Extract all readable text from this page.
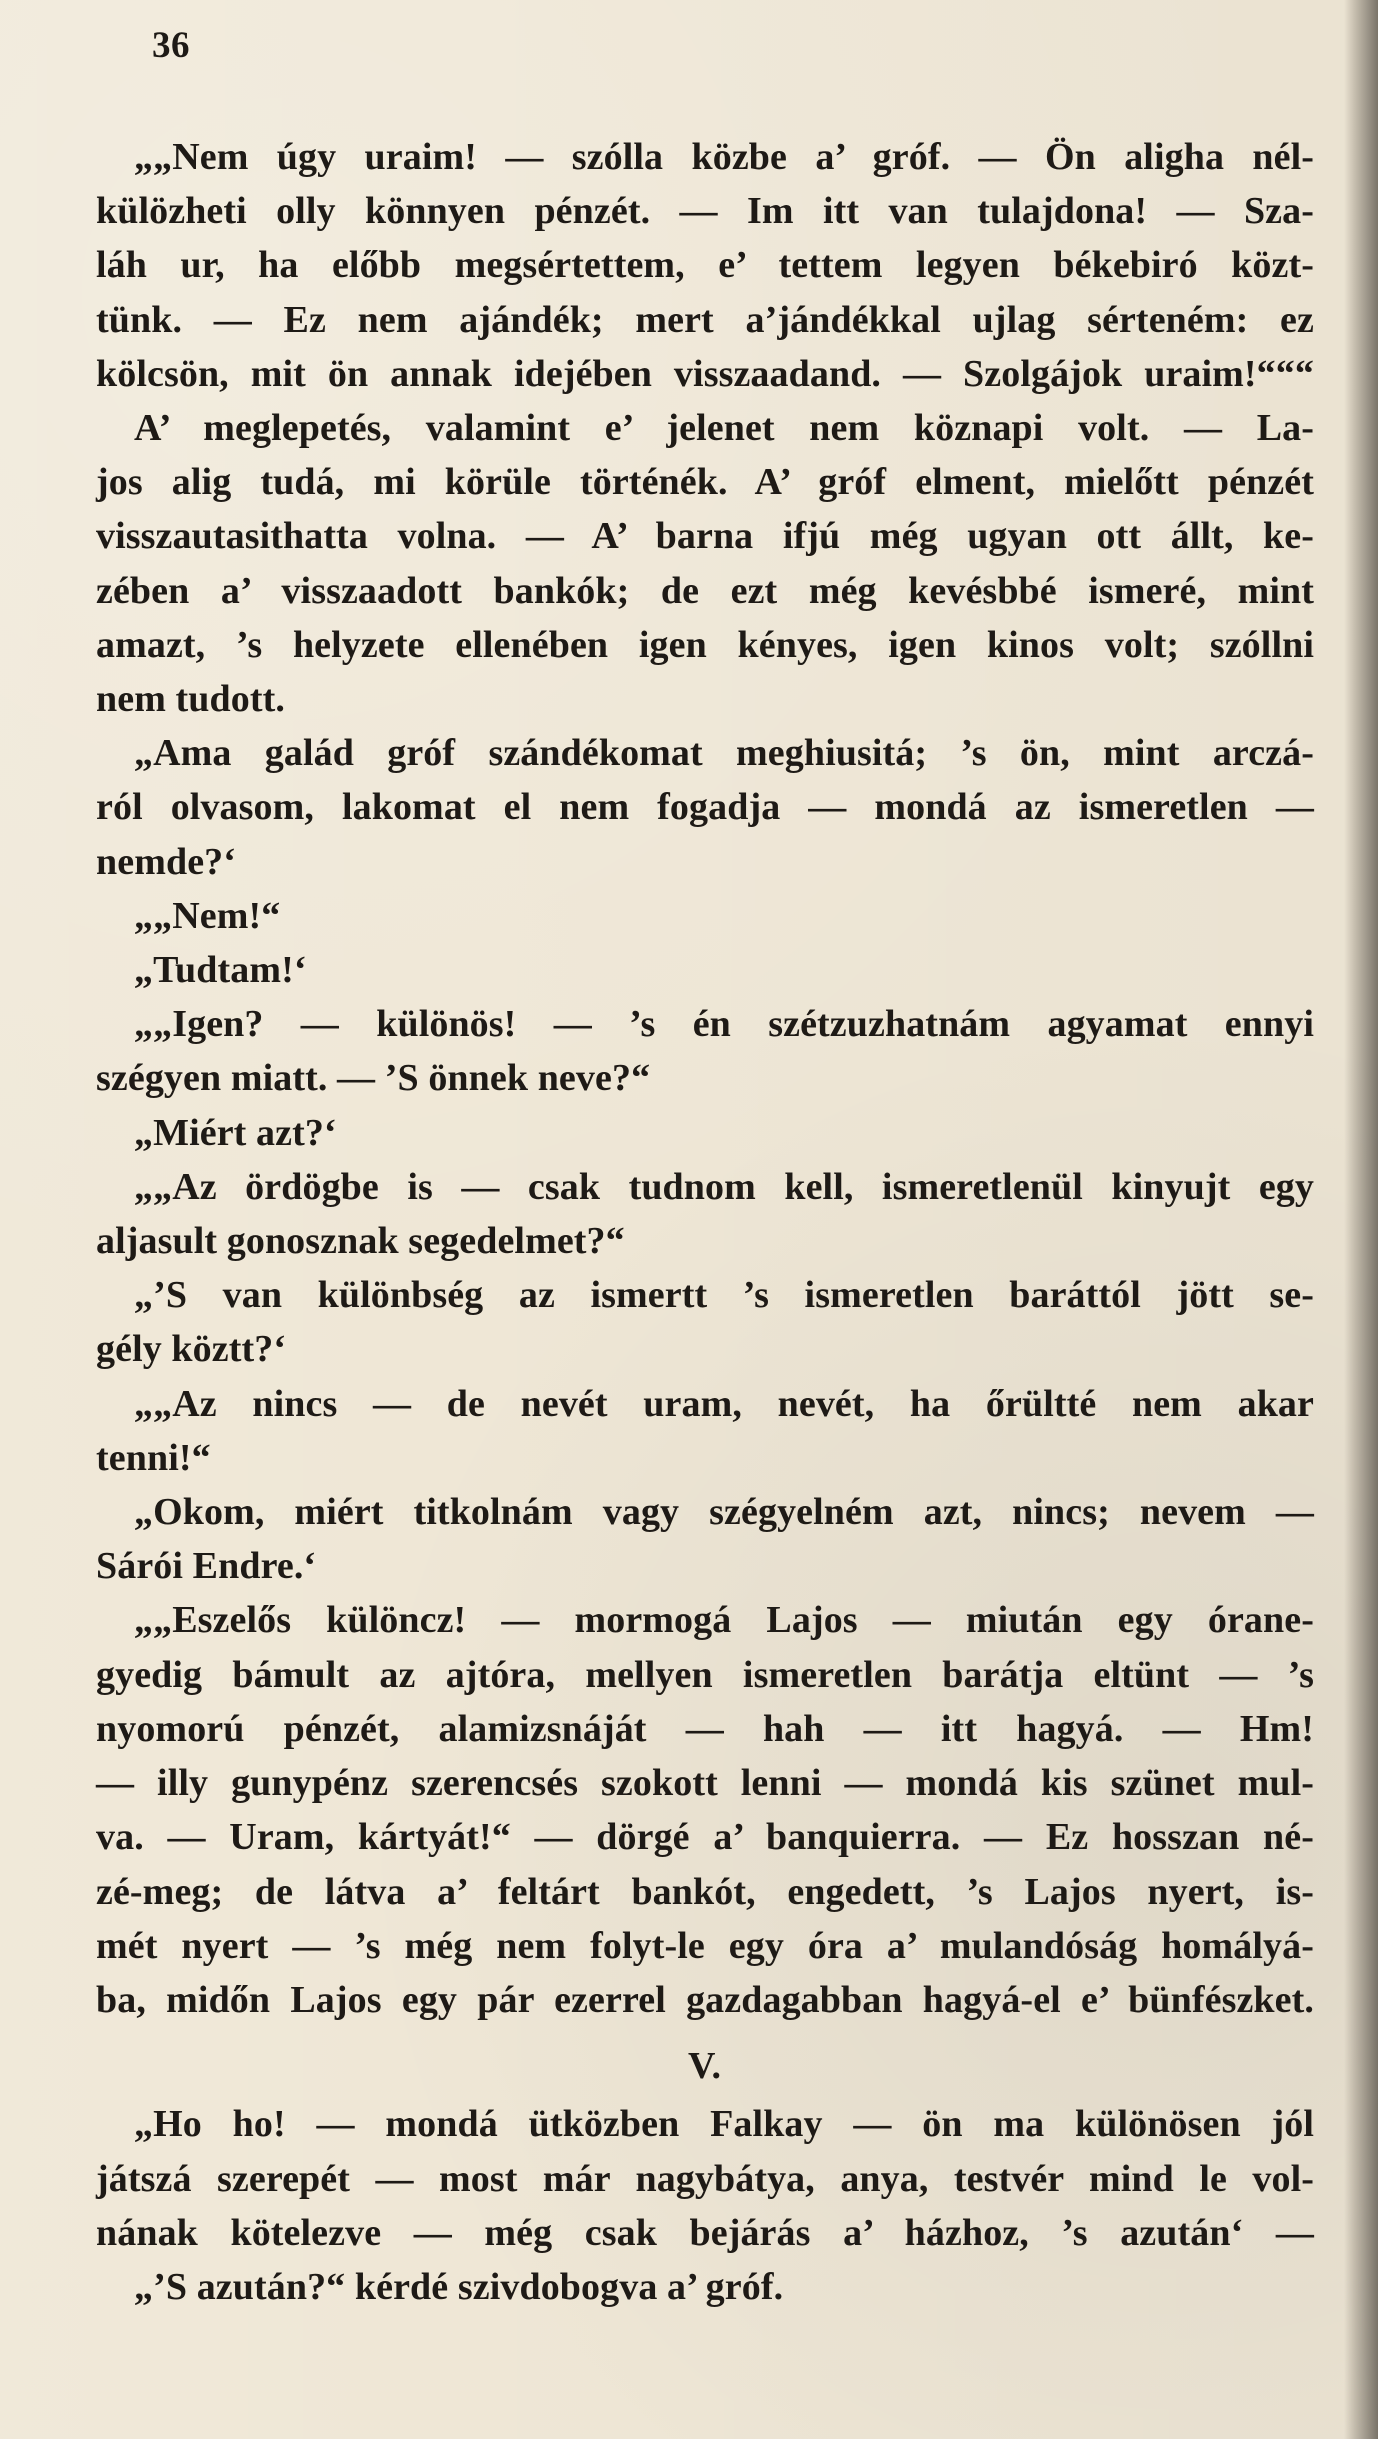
36
„„Nem úgy uraim! — szólla közbe a’ gróf. — Ön aligha nél-
külözheti olly könnyen pénzét. — Im itt van tulajdona! — Sza-
láh ur, ha előbb megsértettem, e’ tettem legyen békebiró közt-
tünk. — Ez nem ajándék; mert a’jándékkal ujlag sérteném: ez
kölcsön, mit ön annak idejében visszaadand. — Szolgájok uraim!“““
A’ meglepetés, valamint e’ jelenet nem köznapi volt. — La-
jos alig tudá, mi körüle történék. A’ gróf elment, mielőtt pénzét
visszautasithatta volna. — A’ barna ifjú még ugyan ott állt, ke-
zében a’ visszaadott bankók; de ezt még kevésbbé ismeré, mint
amazt, ’s helyzete ellenében igen kényes, igen kinos volt; szóllni
nem tudott.
„Ama galád gróf szándékomat meghiusitá; ’s ön, mint arczá-
ról olvasom, lakomat el nem fogadja — mondá az ismeretlen —
nemde?‘
„„Nem!“
„Tudtam!‘
„„Igen? — különös! — ’s én szétzuzhatnám agyamat ennyi
szégyen miatt. — ’S önnek neve?“
„Miért azt?‘
„„Az ördögbe is — csak tudnom kell, ismeretlenül kinyujt egy
aljasult gonosznak segedelmet?“
„’S van különbség az ismertt ’s ismeretlen baráttól jött se-
gély köztt?‘
„„Az nincs — de nevét uram, nevét, ha őrültté nem akar
tenni!“
„Okom, miért titkolnám vagy szégyelném azt, nincs; nevem —
Sárói Endre.‘
„„Eszelős különcz! — mormogá Lajos — miután egy órane-
gyedig bámult az ajtóra, mellyen ismeretlen barátja eltünt — ’s
nyomorú pénzét, alamizsnáját — hah — itt hagyá. — Hm!
— illy gunypénz szerencsés szokott lenni — mondá kis szünet mul-
va. — Uram, kártyát!“ — dörgé a’ banquierra. — Ez hosszan né-
zé-meg; de látva a’ feltárt bankót, engedett, ’s Lajos nyert, is-
mét nyert — ’s még nem folyt-le egy óra a’ mulandóság homályá-
ba, midőn Lajos egy pár ezerrel gazdagabban hagyá-el e’ bünfészket.
V.
„Ho ho! — mondá ütközben Falkay — ön ma különösen jól
játszá szerepét — most már nagybátya, anya, testvér mind le vol-
nának kötelezve — még csak bejárás a’ házhoz, ’s azután‘ —
„’S azután?“ kérdé szivdobogva a’ gróf.
